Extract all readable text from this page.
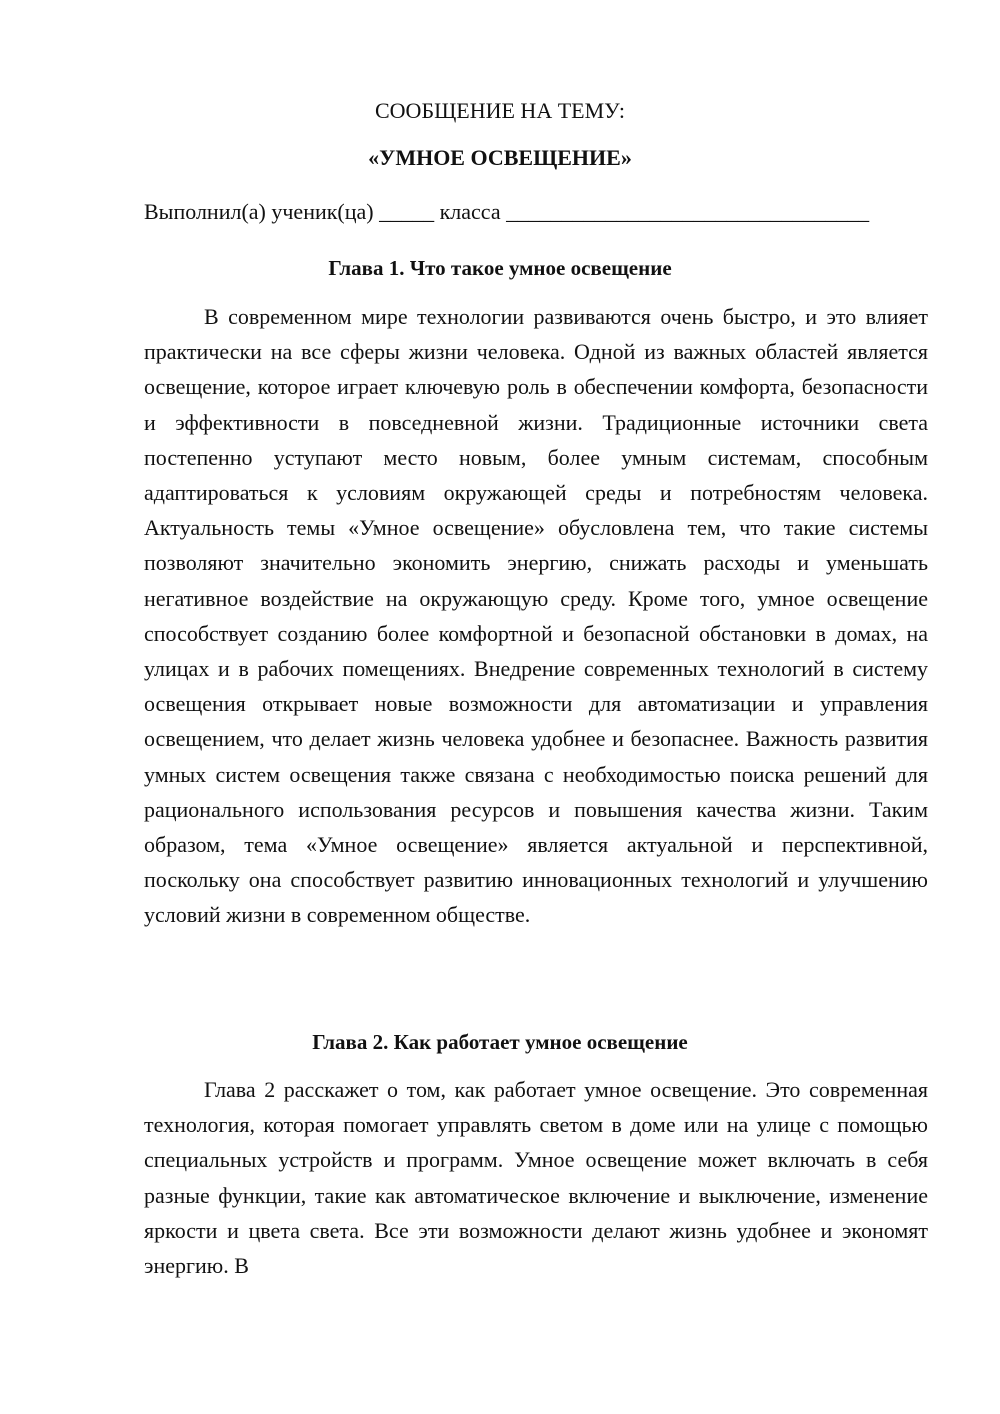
СООБЩЕНИЕ НА ТЕМУ:
«УМНОЕ ОСВЕЩЕНИЕ»
Выполнил(а) ученик(ца) _____ класса _________________________________
Глава 1. Что такое умное освещение

В современном мире технологии развиваются очень быстро, и это влияет практически на все сферы жизни человека. Одной из важных областей является освещение, которое играет ключевую роль в обеспечении комфорта, безопасности и эффективности в повседневной жизни. Традиционные источники света постепенно уступают место новым, более умным системам, способным адаптироваться к условиям окружающей среды и потребностям человека. Актуальность темы «Умное освещение» обусловлена тем, что такие системы позволяют значительно экономить энергию, снижать расходы и уменьшать негативное воздействие на окружающую среду. Кроме того, умное освещение способствует созданию более комфортной и безопасной обстановки в домах, на улицах и в рабочих помещениях. Внедрение современных технологий в систему освещения открывает новые возможности для автоматизации и управления освещением, что делает жизнь человека удобнее и безопаснее. Важность развития умных систем освещения также связана с необходимостью поиска решений для рационального использования ресурсов и повышения качества жизни. Таким образом, тема «Умное освещение» является актуальной и перспективной, поскольку она способствует развитию инновационных технологий и улучшению условий жизни в современном обществе.

Глава 2. Как работает умное освещение

Глава 2 расскажет о том, как работает умное освещение. Это современная технология, которая помогает управлять светом в доме или на улице с помощью специальных устройств и программ. Умное освещение может включать в себя разные функции, такие как автоматическое включение и выключение, изменение яркости и цвета света. Все эти возможности делают жизнь удобнее и экономят энергию. В
